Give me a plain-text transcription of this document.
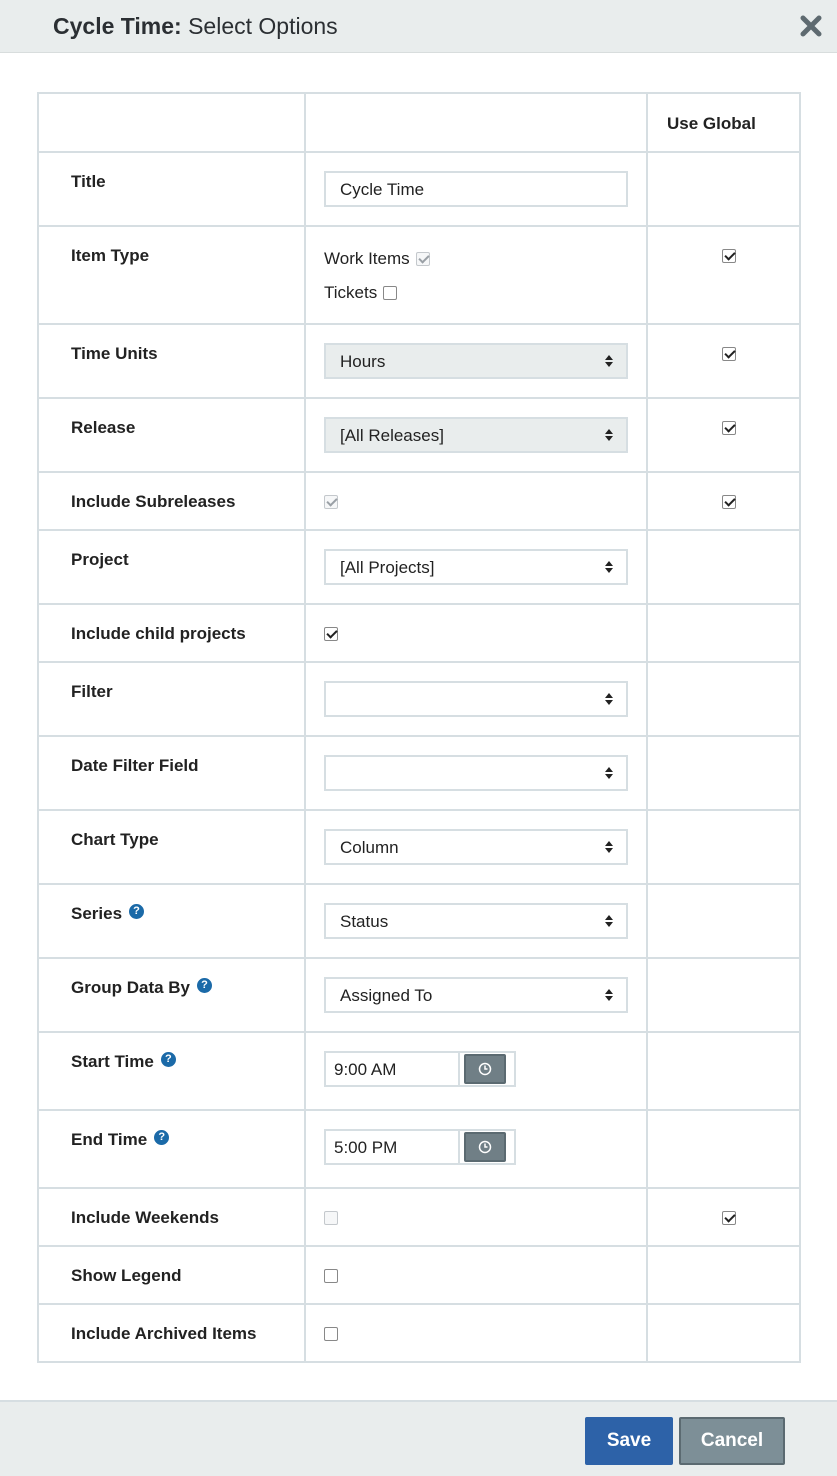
Cycle Time: Select Options

		Use Global

Title	Cycle Time	

Item Type	Work Items
Tickets	

Time Units	Hours	

Release	[All Releases]	

Include Subreleases		

Project	[All Projects]	

Include child projects		

Filter

Date Filter Field

Chart Type	Column	

Series ?	Status	

Group Data By ?	Assigned To	

Start Time ?	9:00 AM	

End Time ?	5:00 PM	

Include Weekends		

Show Legend		

Include Archived Items		

Save	Cancel
